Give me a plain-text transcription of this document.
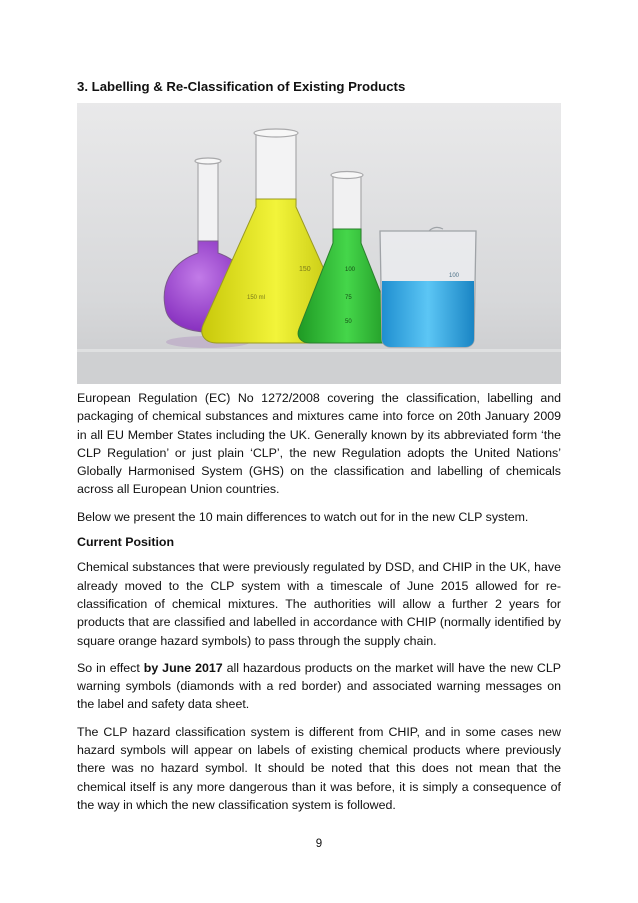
3. Labelling & Re-Classification of Existing Products
150
150 ml
100
75
50
100

European Regulation (EC) No 1272/2008 covering the classification, labelling and packaging of chemical substances and mixtures came into force on 20th January 2009 in all EU Member States including the UK. Generally known by its abbreviated form ‘the CLP Regulation’ or just plain ‘CLP’, the new Regulation adopts the United Nations’ Globally Harmonised System (GHS) on the classification and labelling of chemicals across all European Union countries.

Below we present the 10 main differences to watch out for in the new CLP system.

Current Position

Chemical substances that were previously regulated by DSD, and CHIP in the UK, have already moved to the CLP system with a timescale of June 2015 allowed for re-classification of chemical mixtures. The authorities will allow a further 2 years for products that are classified and labelled in accordance with CHIP (normally identified by square orange hazard symbols) to pass through the supply chain.

So in effect by June 2017 all hazardous products on the market will have the new CLP warning symbols (diamonds with a red border) and associated warning messages on the label and safety data sheet.

The CLP hazard classification system is different from CHIP, and in some cases new hazard symbols will appear on labels of existing chemical products where previously there was no hazard symbol. It should be noted that this does not mean that the chemical itself is any more dangerous than it was before, it is simply a consequence of the way in which the new classification system is followed.

9
